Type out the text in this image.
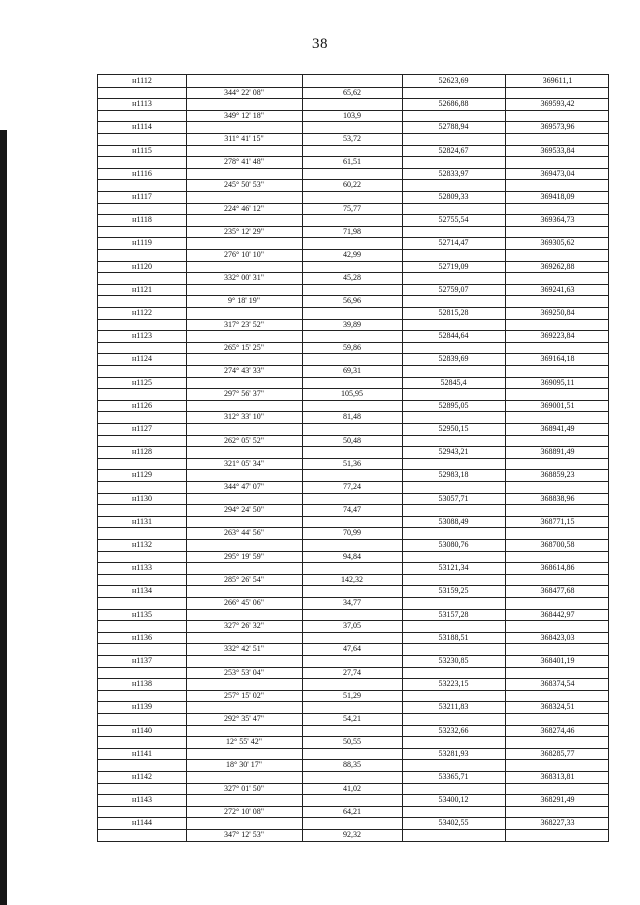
38
н1112	52623,69	369611,1
344° 22' 08"	65,62
н1113	52686,88	369593,42
349° 12' 18"	103,9
н1114	52788,94	369573,96
311° 41' 15"	53,72
н1115	52824,67	369533,84
278° 41' 48"	61,51
н1116	52833,97	369473,04
245° 50' 53"	60,22
н1117	52809,33	369418,09
224° 46' 12"	75,77
н1118	52755,54	369364,73
235° 12' 29"	71,98
н1119	52714,47	369305,62
276° 10' 10"	42,99
н1120	52719,09	369262,88
332° 00' 31"	45,28
н1121	52759,07	369241,63
9° 18' 19"	56,96
н1122	52815,28	369250,84
317° 23' 52"	39,89
н1123	52844,64	369223,84
265° 15' 25"	59,86
н1124	52839,69	369164,18
274° 43' 33"	69,31
н1125	52845,4	369095,11
297° 56' 37"	105,95
н1126	52895,05	369001,51
312° 33' 10"	81,48
н1127	52950,15	368941,49
262° 05' 52"	50,48
н1128	52943,21	368891,49
321° 05' 34"	51,36
н1129	52983,18	368859,23
344° 47' 07"	77,24
н1130	53057,71	368838,96
294° 24' 50"	74,47
н1131	53088,49	368771,15
263° 44' 56"	70,99
н1132	53080,76	368700,58
295° 19' 59"	94,84
н1133	53121,34	368614,86
285° 26' 54"	142,32
н1134	53159,25	368477,68
266° 45' 06"	34,77
н1135	53157,28	368442,97
327° 26' 32"	37,05
н1136	53188,51	368423,03
332° 42' 51"	47,64
н1137	53230,85	368401,19
253° 53' 04"	27,74
н1138	53223,15	368374,54
257° 15' 02"	51,29
н1139	53211,83	368324,51
292° 35' 47"	54,21
н1140	53232,66	368274,46
12° 55' 42"	50,55
н1141	53281,93	368285,77
18° 30' 17"	88,35
н1142	53365,71	368313,81
327° 01' 50"	41,02
н1143	53400,12	368291,49
272° 10' 08"	64,21
н1144	53402,55	368227,33
347° 12' 53"	92,32
